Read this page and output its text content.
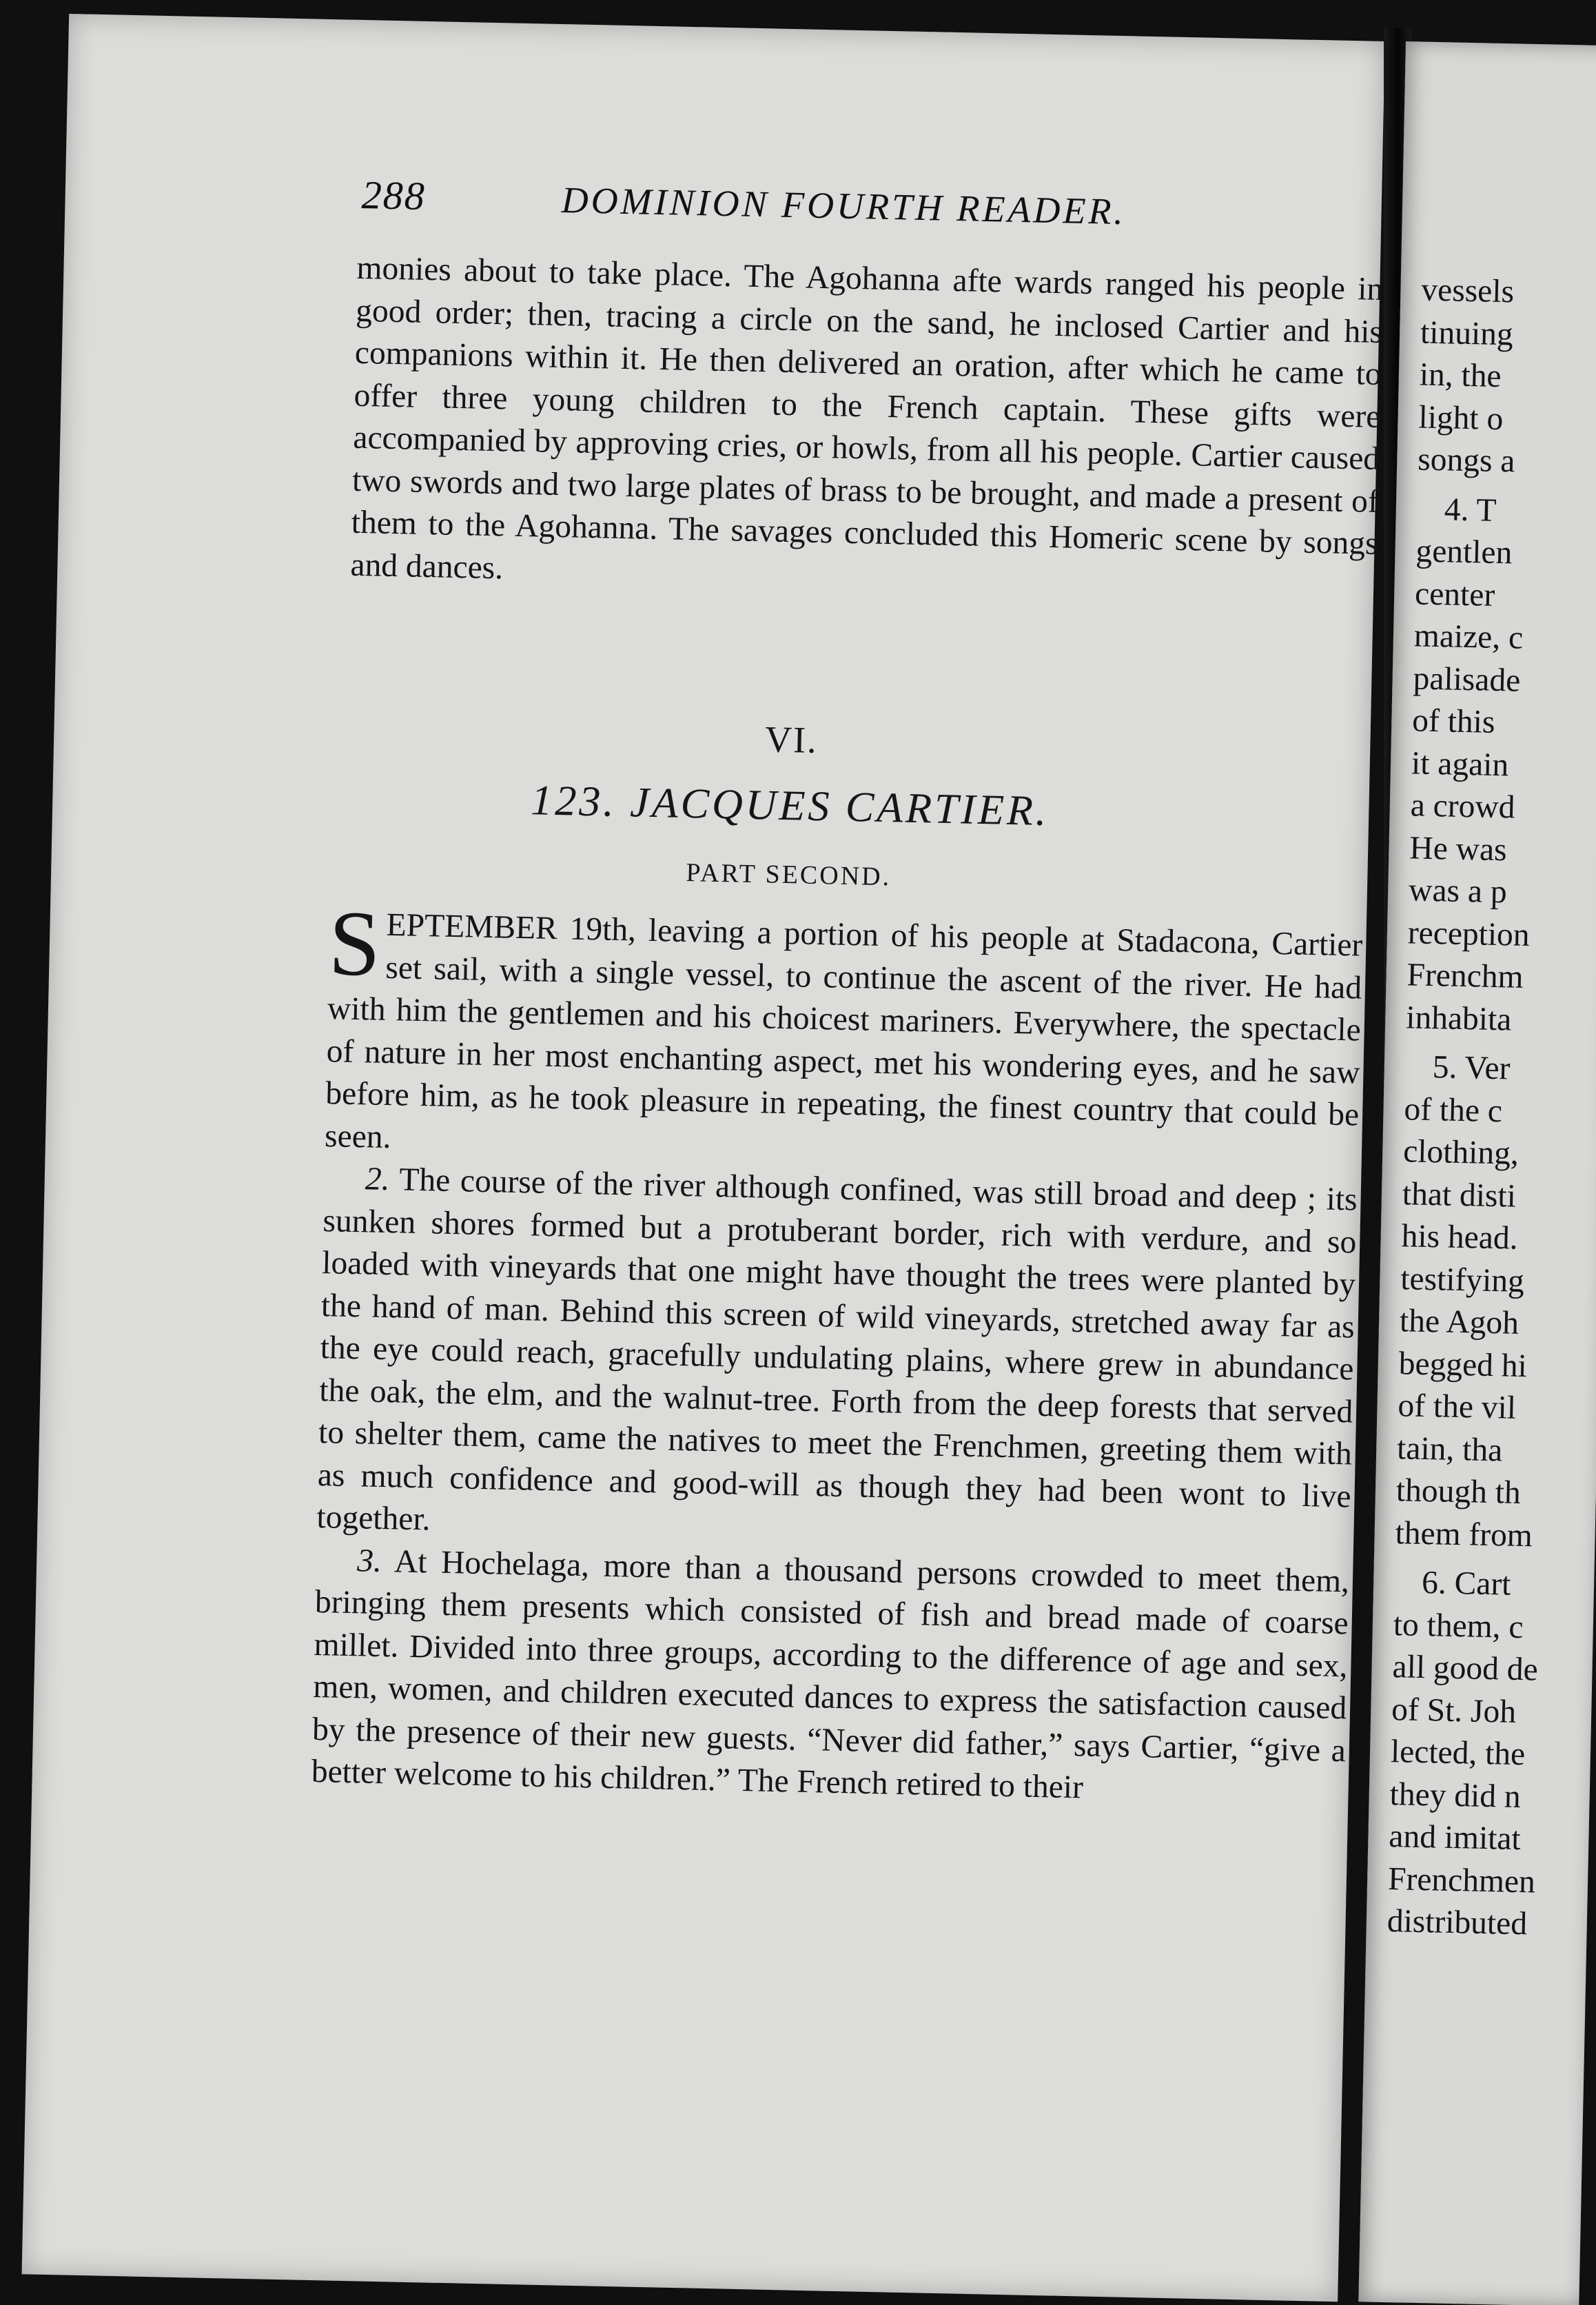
288	DOMINION FOURTH READER.

monies about to take place. The Agohanna afte wards ranged his people in good order; then, tracing a circle on the sand, he inclosed Cartier and his companions within it. He then delivered an oration, after which he came to offer three young children to the French captain. These gifts were accompanied by approving cries, or howls, from all his people. Cartier caused two swords and two large plates of brass to be brought, and made a present of them to the Agohanna. The savages concluded this Homeric scene by songs and dances.

VI.
123. JACQUES CARTIER.
PART SECOND.

S EPTEMBER 19th, leaving a portion of his people at Stadacona, Cartier set sail, with a single vessel, to continue the ascent of the river. He had with him the gentlemen and his choicest mariners. Everywhere, the spectacle of nature in her most enchanting aspect, met his wondering eyes, and he saw before him, as he took pleasure in repeating, the finest country that could be seen.

2. The course of the river although confined, was still broad and deep ; its sunken shores formed but a protuberant border, rich with verdure, and so loaded with vineyards that one might have thought the trees were planted by the hand of man. Behind this screen of wild vineyards, stretched away far as the eye could reach, gracefully undulating plains, where grew in abundance the oak, the elm, and the walnut-tree. Forth from the deep forests that served to shelter them, came the natives to meet the Frenchmen, greeting them with as much confidence and good-will as though they had been wont to live together.

3. At Hochelaga, more than a thousand persons crowded to meet them, bringing them presents which consisted of fish and bread made of coarse millet. Divided into three groups, according to the difference of age and sex, men, women, and children executed dances to express the satisfaction caused by the presence of their new guests. “Never did father,” says Cartier, “give a better welcome to his children.” The French retired to their

vessels
tinuing
in, the
light o
songs a
4. T
gentlen
center
maize, c
palisade
of this
it again
a crowd
He was
was a p
reception
Frenchm
inhabita
5. Ver
of the c
clothing,
that disti
his head.
testifying
the Agoh
begged hi
of the vil
tain, tha
though th
them from
6. Cart
to them, c
all good de
of St. Joh
lected, the
they did n
and imitat
Frenchmen
distributed
